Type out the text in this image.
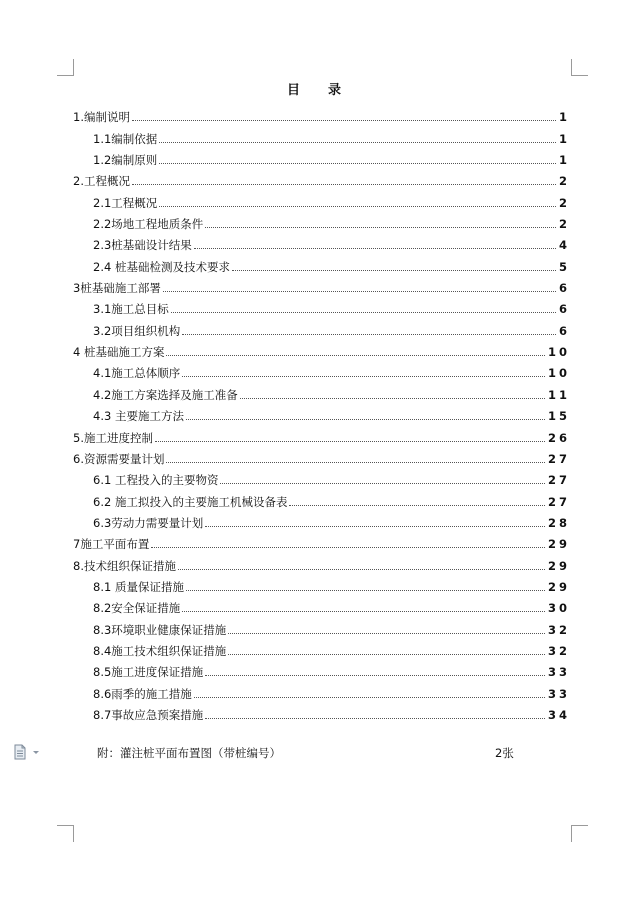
目 录
1.编制说明	1
1.1编制依据	1
1.2编制原则	1
2.工程概况	2
2.1工程概况	2
2.2场地工程地质条件	2
2.3桩基础设计结果	4
2.4 桩基础检测及技术要求	5
3桩基础施工部署	6
3.1施工总目标	6
3.2项目组织机构	6
4 桩基础施工方案	10
4.1施工总体顺序	10
4.2施工方案选择及施工准备	11
4.3 主要施工方法	15
5.施工进度控制	26
6.资源需要量计划	27
6.1 工程投入的主要物资	27
6.2 施工拟投入的主要施工机械设备表	27
6.3劳动力需要量计划	28
7施工平面布置	29
8.技术组织保证措施	29
8.1 质量保证措施	29
8.2安全保证措施	30
8.3环境职业健康保证措施	32
8.4施工技术组织保证措施	32
8.5施工进度保证措施	33
8.6雨季的施工措施	33
8.7事故应急预案措施	34
附：灌注桩平面布置图（带桩编号）	2张
